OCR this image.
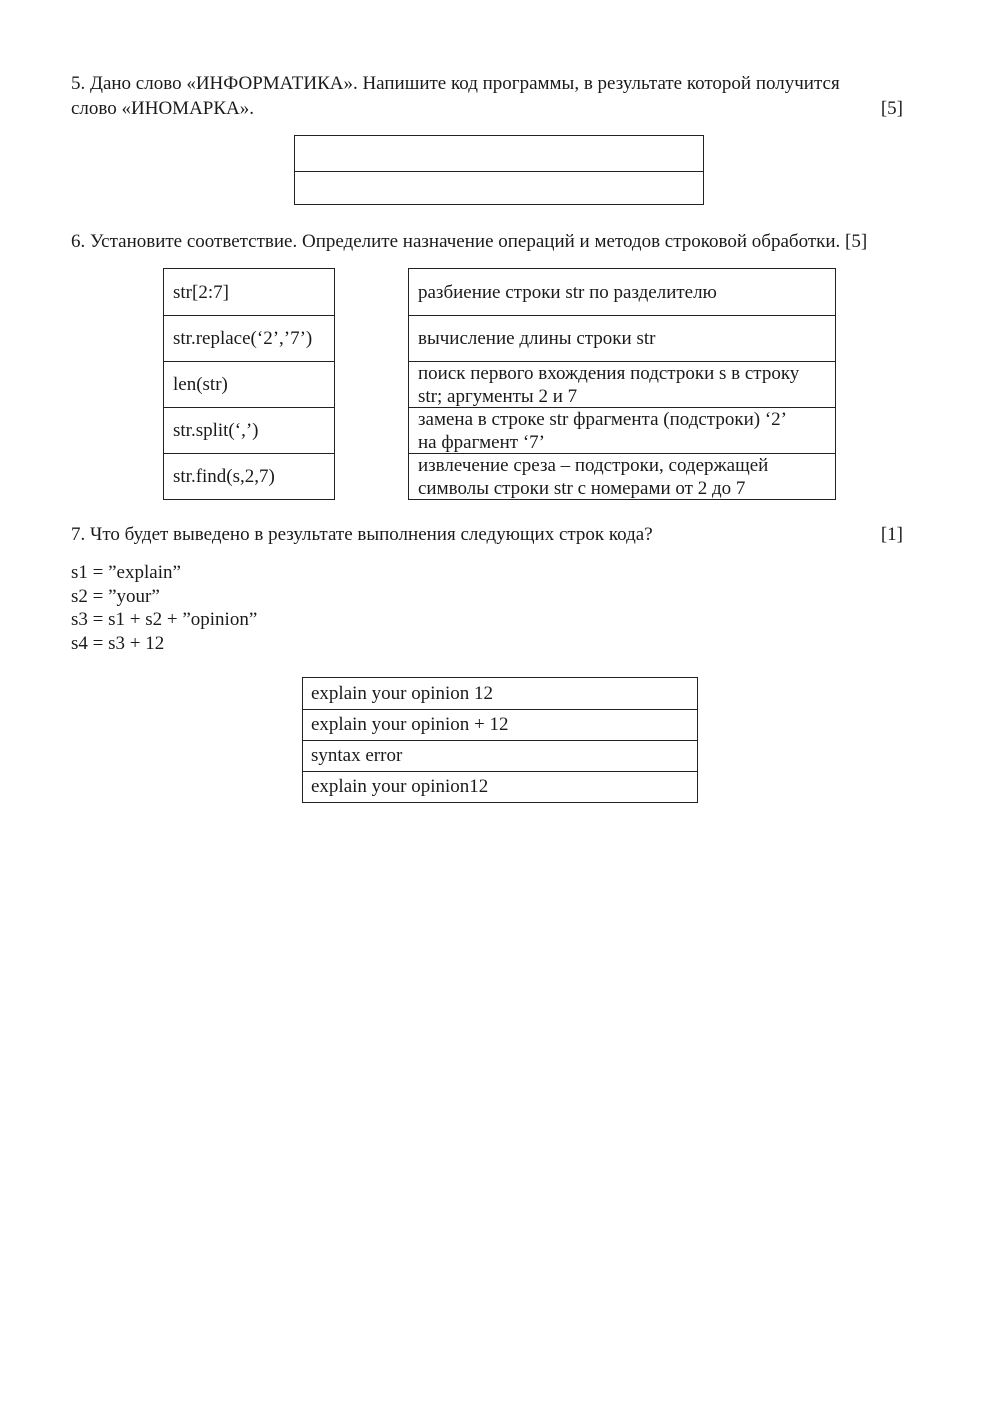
5. Дано слово «ИНФОРМАТИКА». Напишите код программы, в результате которой получится
слово «ИНОМАРКА».	[5]
6. Установите соответствие. Определите назначение операций и методов строковой обработки. [5]
str[2:7]
str.replace(‘2’,’7’)
len(str)
str.split(‘,’)
str.find(s,2,7)
разбиение строки str по разделителю
вычисление длины строки str
поиск первого вхождения подстроки s в строку
str; аргументы 2 и 7
замена в строке str фрагмента (подстроки) ‘2’
на фрагмент ‘7’
извлечение среза – подстроки, содержащей
символы строки str с номерами от 2 до 7
7. Что будет выведено в результате выполнения следующих строк кода?	[1]
s1 = ”explain”
s2 = ”your”
s3 = s1 + s2 + ”opinion”
s4 = s3 + 12
explain your opinion 12
explain your opinion + 12
syntax error
explain your opinion12
